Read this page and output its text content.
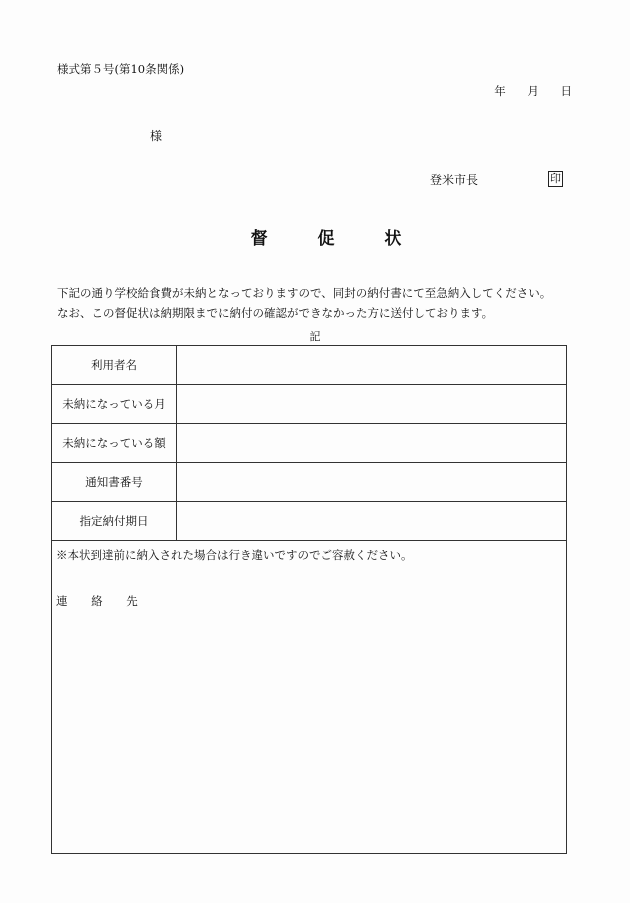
様式第５号(第10条関係)
年 月 日
様
登米市長	印
督 促 状
下記の通り学校給食費が未納となっておりますので、同封の納付書にて至急納入してください。
なお、この督促状は納期限までに納付の確認ができなかった方に送付しております。
記
利用者名
未納になっている月
未納になっている額
通知書番号
指定納付期日
※本状到達前に納入された場合は行き違いですのでご容赦ください。
連 絡 先
